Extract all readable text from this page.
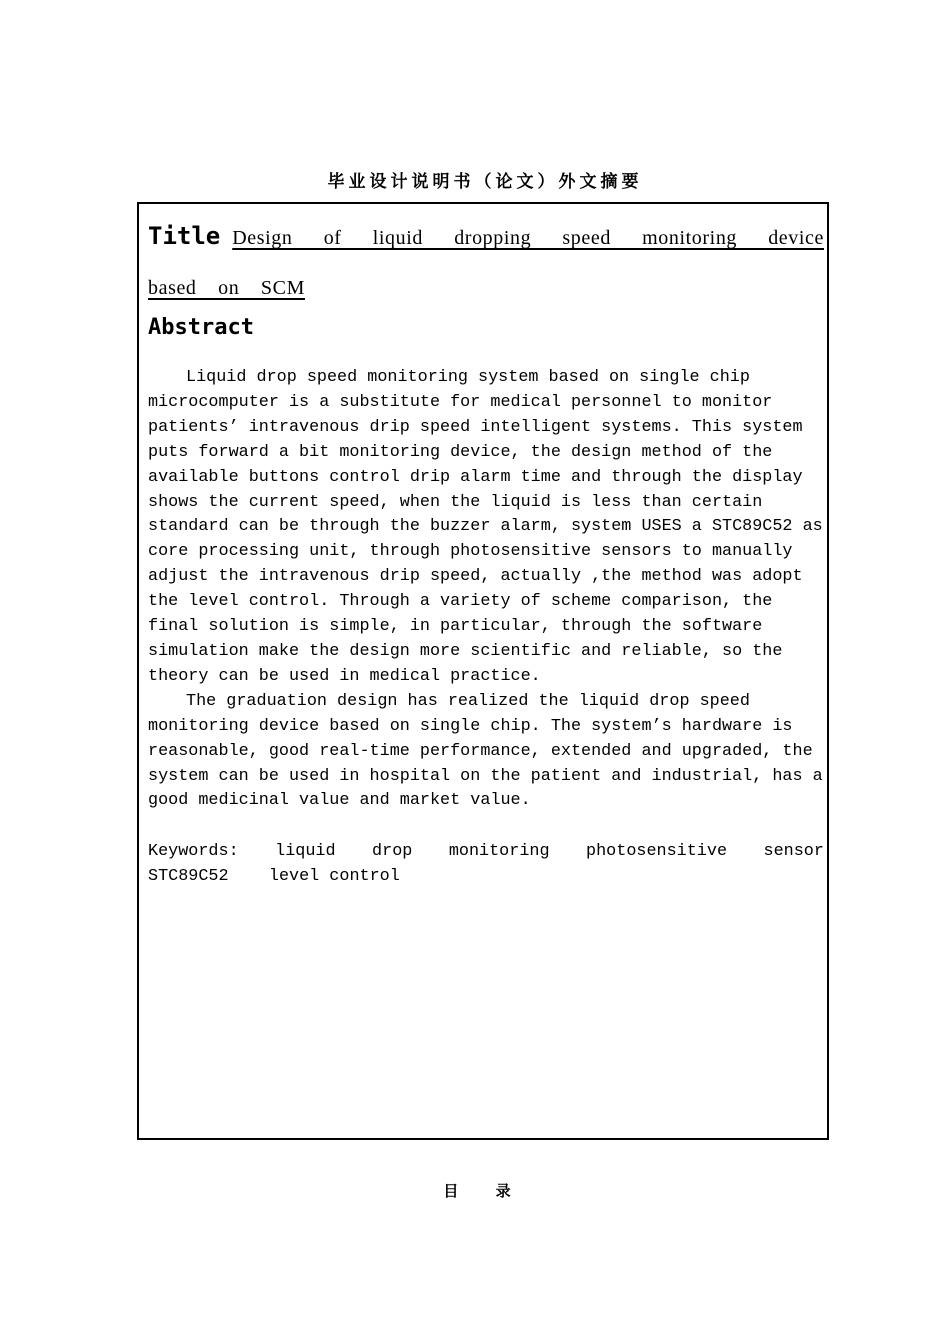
毕业设计说明书（论文）外文摘要
Title Design of liquid dropping speed monitoring device based on SCM
Abstract

Liquid drop speed monitoring system based on single chip microcomputer is a substitute for medical personnel to monitor patients’ intravenous drip speed intelligent systems. This system puts forward a bit monitoring device, the design method of the available buttons control drip alarm time and through the display shows the current speed, when the liquid is less than certain standard can be through the buzzer alarm, system USES a STC89C52 as core processing unit, through photosensitive sensors to manually adjust the intravenous drip speed, actually ,the method was adopt the level control. Through a variety of scheme comparison, the final solution is simple, in particular, through the software simulation make the design more scientific and reliable, so the theory can be used in medical practice.

The graduation design has realized the liquid drop speed monitoring device based on single chip. The system’s hardware is reasonable, good real-time performance, extended and upgraded, the system can be used in hospital on the patient and industrial, has a good medicinal value and market value.

Keywords: liquid drop monitoring photosensitive sensor
STC89C52 level control
目 录
